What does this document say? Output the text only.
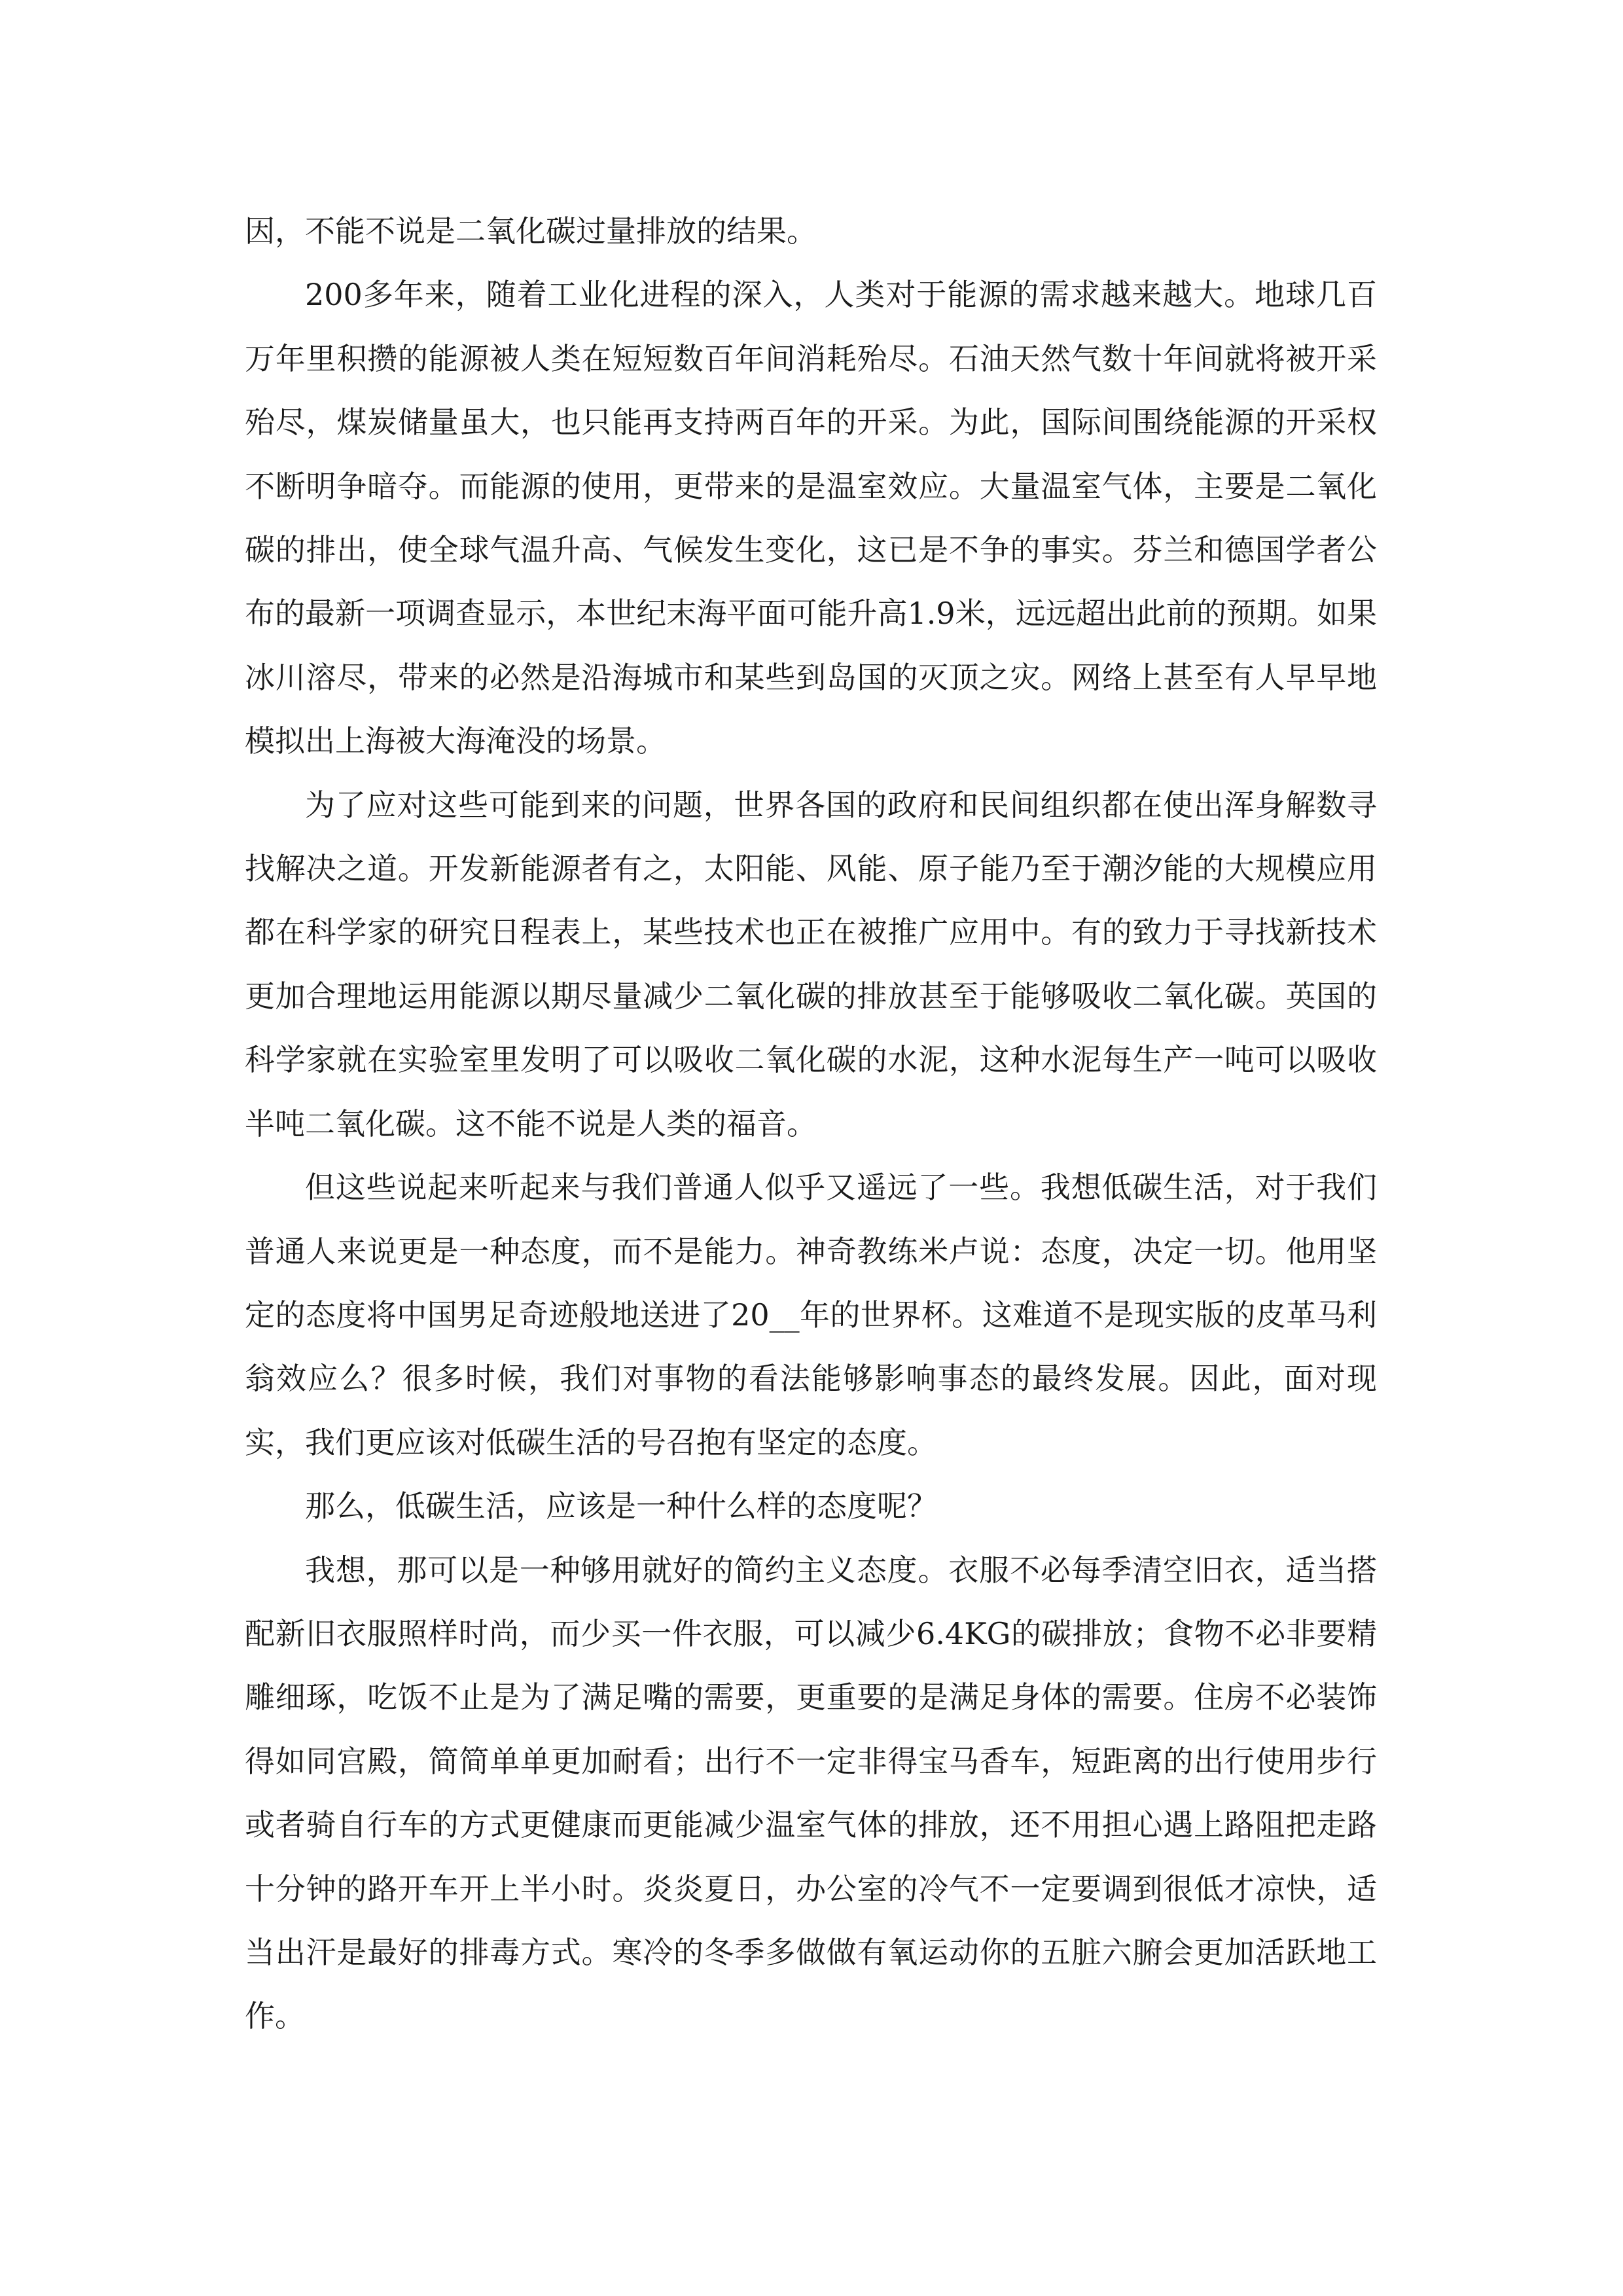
因，不能不说是二氧化碳过量排放的结果。

200多年来，随着工业化进程的深入，人类对于能源的需求越来越大。地球几百万年里积攒的能源被人类在短短数百年间消耗殆尽。石油天然气数十年间就将被开采殆尽，煤炭储量虽大，也只能再支持两百年的开采。为此，国际间围绕能源的开采权不断明争暗夺。而能源的使用，更带来的是温室效应。大量温室气体，主要是二氧化碳的排出，使全球气温升高、气候发生变化，这已是不争的事实。芬兰和德国学者公布的最新一项调查显示，本世纪末海平面可能升高1.9米，远远超出此前的预期。如果冰川溶尽，带来的必然是沿海城市和某些到岛国的灭顶之灾。网络上甚至有人早早地模拟出上海被大海淹没的场景。

为了应对这些可能到来的问题，世界各国的政府和民间组织都在使出浑身解数寻找解决之道。开发新能源者有之，太阳能、风能、原子能乃至于潮汐能的大规模应用都在科学家的研究日程表上，某些技术也正在被推广应用中。有的致力于寻找新技术更加合理地运用能源以期尽量减少二氧化碳的排放甚至于能够吸收二氧化碳。英国的科学家就在实验室里发明了可以吸收二氧化碳的水泥，这种水泥每生产一吨可以吸收半吨二氧化碳。这不能不说是人类的福音。

但这些说起来听起来与我们普通人似乎又遥远了一些。我想低碳生活，对于我们普通人来说更是一种态度，而不是能力。神奇教练米卢说：态度，决定一切。他用坚定的态度将中国男足奇迹般地送进了20__年的世界杯。这难道不是现实版的皮革马利翁效应么？很多时候，我们对事物的看法能够影响事态的最终发展。因此，面对现实，我们更应该对低碳生活的号召抱有坚定的态度。

那么，低碳生活，应该是一种什么样的态度呢？

我想，那可以是一种够用就好的简约主义态度。衣服不必每季清空旧衣，适当搭配新旧衣服照样时尚，而少买一件衣服，可以减少6.4KG的碳排放；食物不必非要精雕细琢，吃饭不止是为了满足嘴的需要，更重要的是满足身体的需要。住房不必装饰得如同宫殿，简简单单更加耐看；出行不一定非得宝马香车，短距离的出行使用步行或者骑自行车的方式更健康而更能减少温室气体的排放，还不用担心遇上路阻把走路十分钟的路开车开上半小时。炎炎夏日，办公室的冷气不一定要调到很低才凉快，适当出汗是最好的排毒方式。寒冷的冬季多做做有氧运动你的五脏六腑会更加活跃地工作。
